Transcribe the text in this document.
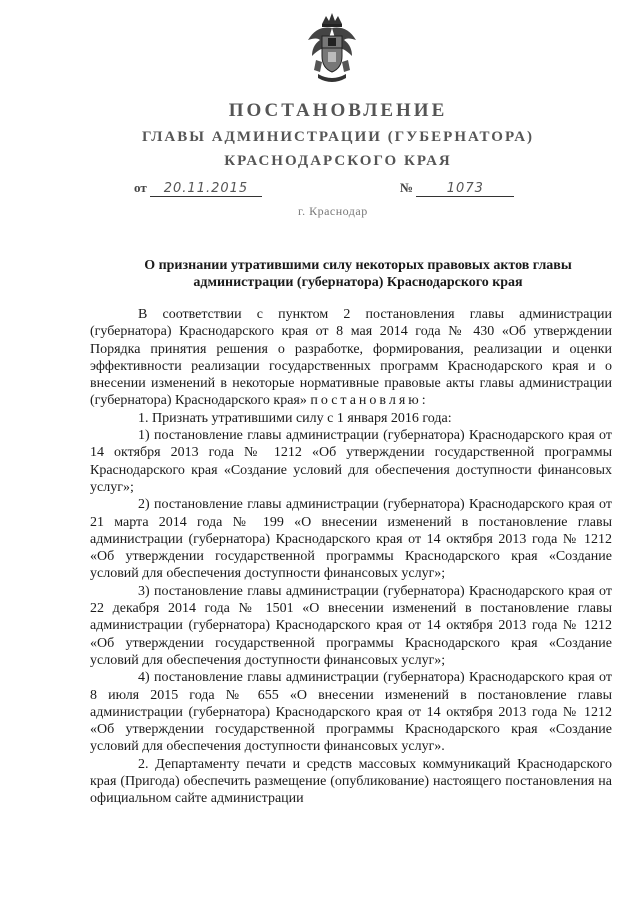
ПОСТАНОВЛЕНИЕ
ГЛАВЫ АДМИНИСТРАЦИИ (ГУБЕРНАТОРА)
КРАСНОДАРСКОГО КРАЯ
от 20.11.2015	№	1073
г. Краснодар
О признании утратившими силу некоторых правовых актов главы администрации (губернатора) Краснодарского края

В соответствии с пунктом 2 постановления главы администрации (губернатора) Краснодарского края от 8 мая 2014 года № 430 «Об утверждении Порядка принятия решения о разработке, формирования, реализации и оценки эффективности реализации государственных программ Краснодарского края и о внесении изменений в некоторые нормативные правовые акты главы администрации (губернатора) Краснодарского края» постановляю:

1. Признать утратившими силу с 1 января 2016 года:

1) постановление главы администрации (губернатора) Краснодарского края от 14 октября 2013 года № 1212 «Об утверждении государственной программы Краснодарского края «Создание условий для обеспечения доступности финансовых услуг»;

2) постановление главы администрации (губернатора) Краснодарского края от 21 марта 2014 года № 199 «О внесении изменений в постановление главы администрации (губернатора) Краснодарского края от 14 октября 2013 года № 1212 «Об утверждении государственной программы Краснодарского края «Создание условий для обеспечения доступности финансовых услуг»;

3) постановление главы администрации (губернатора) Краснодарского края от 22 декабря 2014 года № 1501 «О внесении изменений в постановление главы администрации (губернатора) Краснодарского края от 14 октября 2013 года № 1212 «Об утверждении государственной программы Краснодарского края «Создание условий для обеспечения доступности финансовых услуг»;

4) постановление главы администрации (губернатора) Краснодарского края от 8 июля 2015 года № 655 «О внесении изменений в постановление главы администрации (губернатора) Краснодарского края от 14 октября 2013 года № 1212 «Об утверждении государственной программы Краснодарского края «Создание условий для обеспечения доступности финансовых услуг».

2. Департаменту печати и средств массовых коммуникаций Краснодарского края (Пригода) обеспечить размещение (опубликование) настоящего постановления на официальном сайте администрации
